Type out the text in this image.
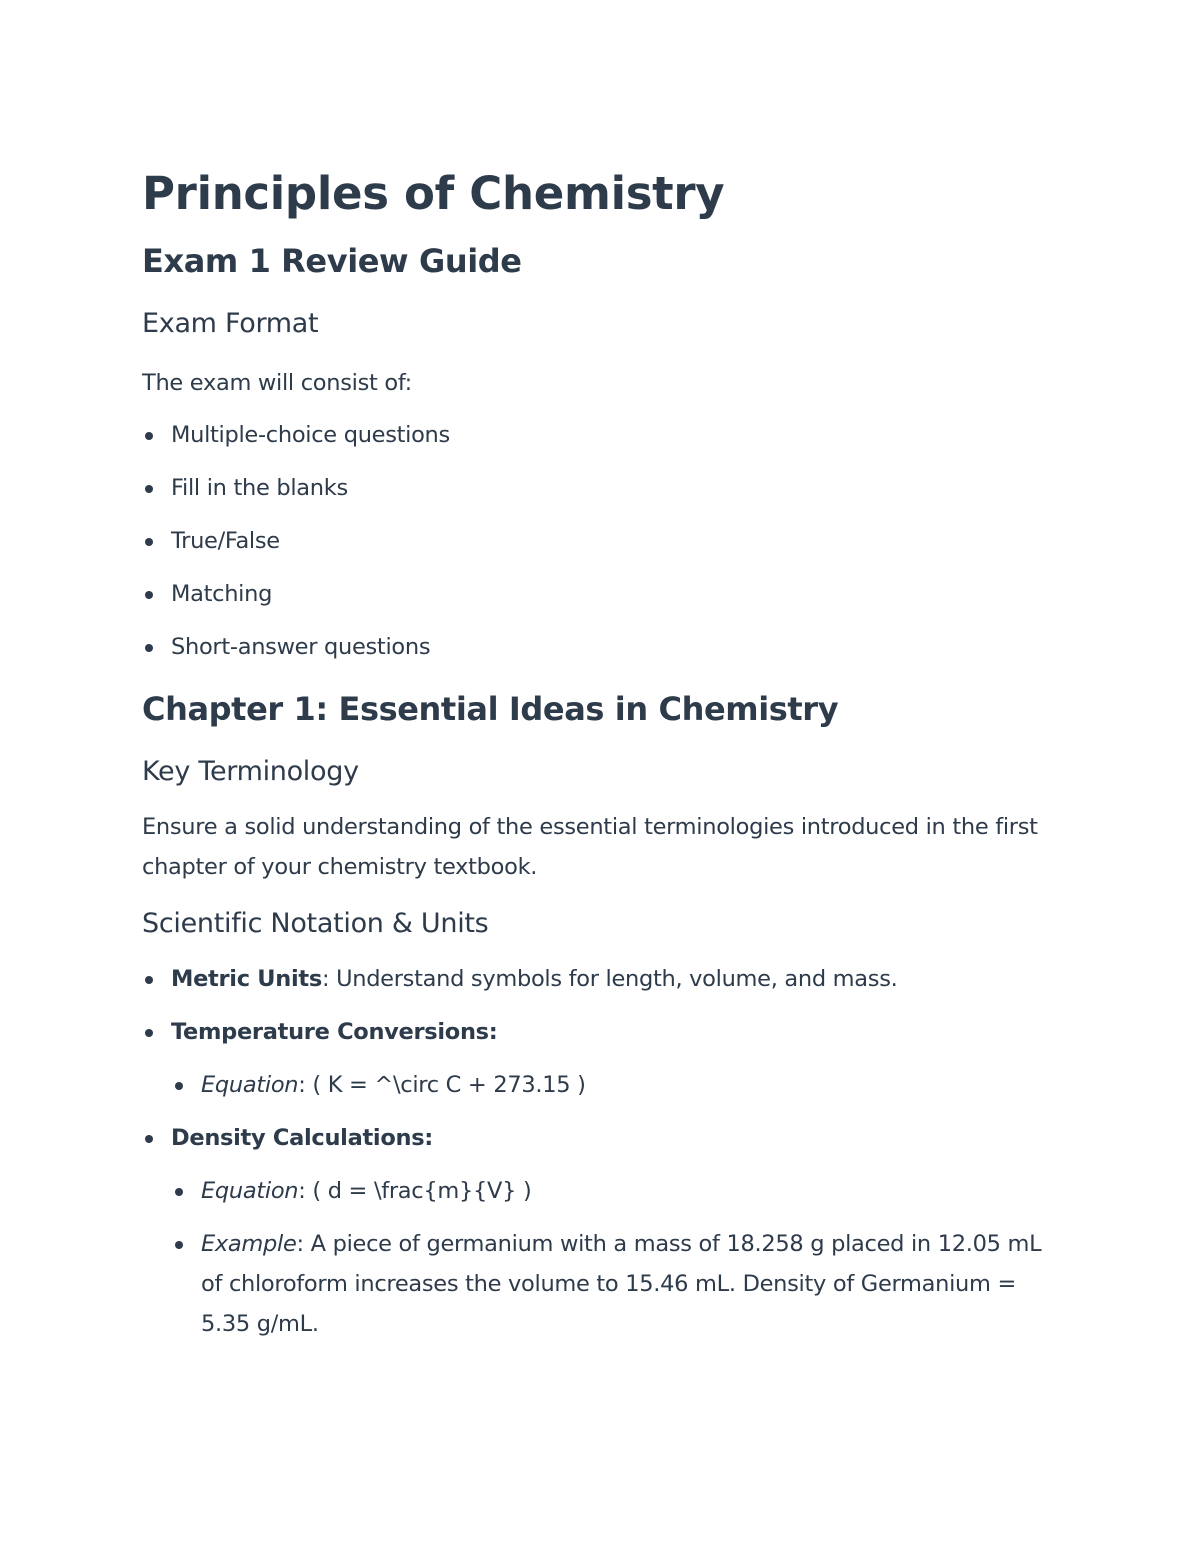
Principles of Chemistry
Exam 1 Review Guide
Exam Format

The exam will consist of:

Multiple-choice questions
Fill in the blanks
True/False
Matching
Short-answer questions
Chapter 1: Essential Ideas in Chemistry
Key Terminology

Ensure a solid understanding of the essential terminologies introduced in the first chapter of your chemistry textbook.

Scientific Notation & Units
Metric Units: Understand symbols for length, volume, and mass.
Temperature Conversions:
Equation: ( K = ^\circ C + 273.15 )
Density Calculations:
Equation: ( d = \frac{m}{V} )
Example: A piece of germanium with a mass of 18.258 g placed in 12.05 mL of chloroform increases the volume to 15.46 mL. Density of Germanium = 5.35 g/mL.
